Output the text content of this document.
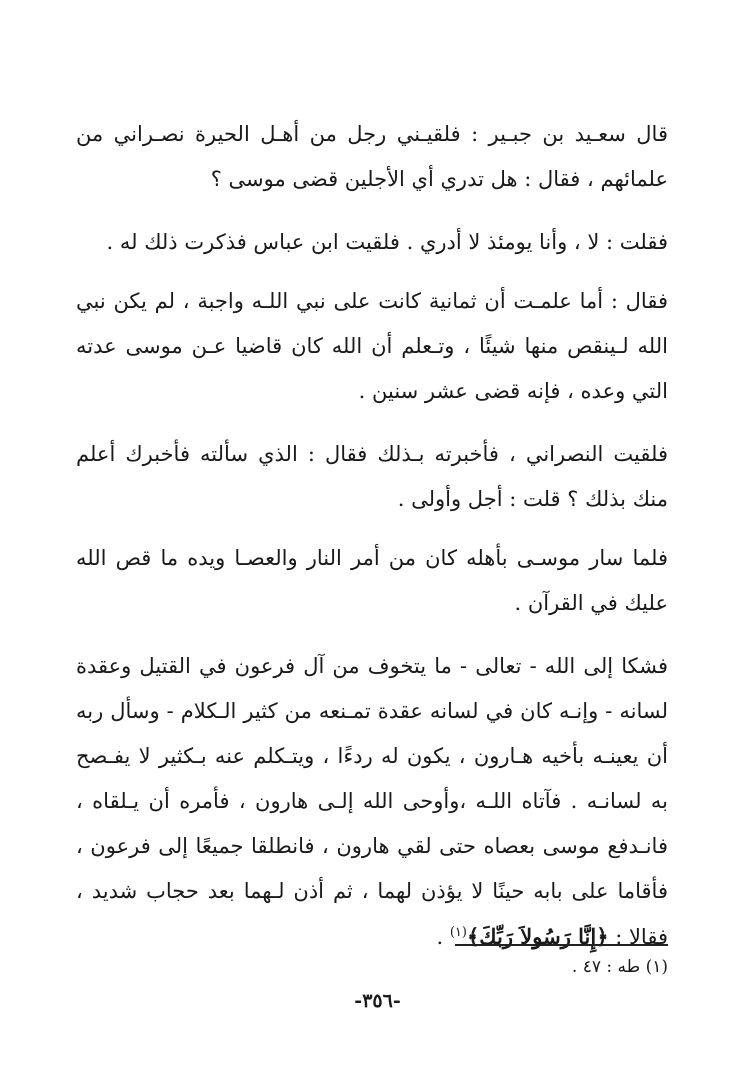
قال سعـيد بن جبـير : فلقيـني رجل من أهـل الحيرة نصـراني من علمائهم ، فقال : هل تدري أي الأجلين قضى موسى ؟

فقلت : لا ، وأنا يومئذ لا أدري . فلقيت ابن عباس فذكرت ذلك له .

فقال : أما علمـت أن ثمانية كانت على نبي اللـه واجبة ، لم يكن نبي الله لـينقص منها شيئًا ، وتـعلم أن الله كان قاضيا عـن موسى عدته التي وعده ، فإنه قضى عشر سنين .

فلقيت النصراني ، فأخبرته بـذلك فقال : الذي سألته فأخبرك أعلم منك بذلك ؟ قلت : أجل وأولى .

فلما سار موسـى بأهله كان من أمر النار والعصـا ويده ما قص الله عليك في القرآن .

فشكا إلى الله - تعالى - ما يتخوف من آل فرعون في القتيل وعقدة لسانه - وإنـه كان في لسانه عقدة تمـنعه من كثير الـكلام - وسأل ربه أن يعينـه بأخيه هـارون ، يكون له ردءًا ، ويتـكلم عنه بـكثير لا يفـصح به لسانـه . فآتاه اللـه ،وأوحى الله إلـى هارون ، فأمره أن يـلقاه ، فانـدفع موسى بعصاه حتى لقي هارون ، فانطلقا جميعًا إلى فرعون ، فأقاما على بابه حينًا لا يؤذن لهما ، ثم أذن لـهما بعد حجاب شديد ، فقالا : ﴿إِنَّا رَسُولاَ رَبِّكَ﴾$^{(١)}$ .

(١) طه : ٤٧ .
-٣٥٦-
